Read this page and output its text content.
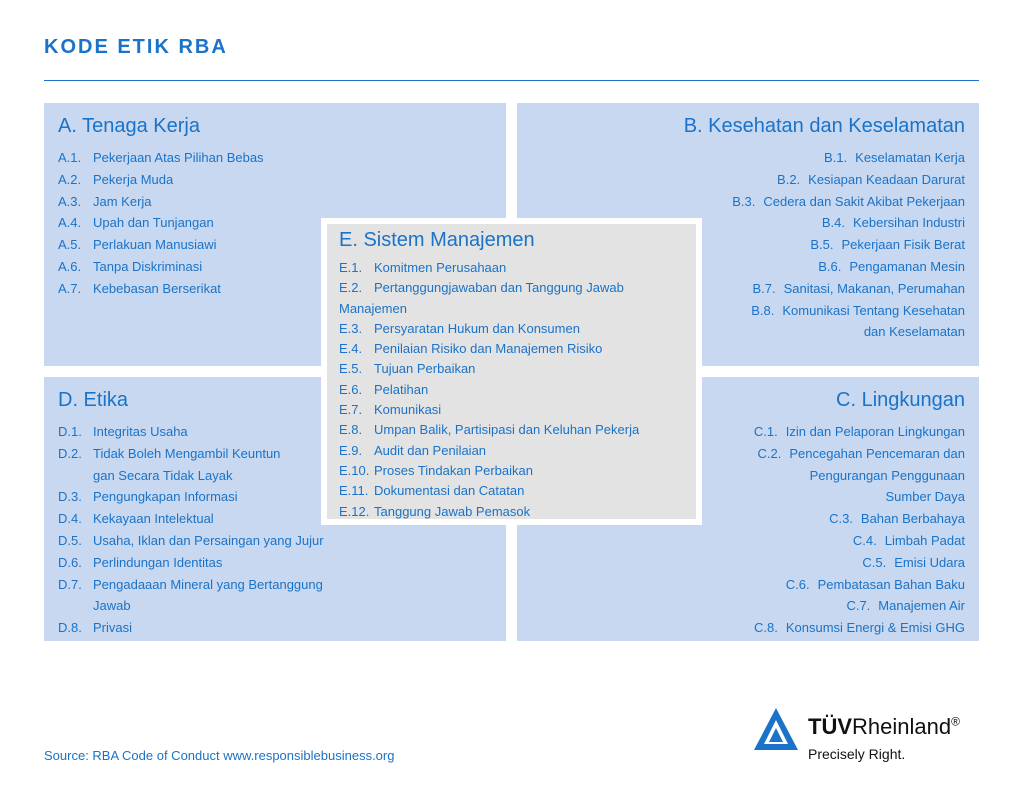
KODE ETIK RBA
A. Tenaga Kerja
A.1. Pekerjaan Atas Pilihan Bebas
A.2. Pekerja Muda
A.3. Jam Kerja
A.4. Upah dan Tunjangan
A.5. Perlakuan Manusiawi
A.6. Tanpa Diskriminasi
A.7. Kebebasan Berserikat
B. Kesehatan dan Keselamatan
B.1. Keselamatan Kerja
B.2. Kesiapan Keadaan Darurat
B.3. Cedera dan Sakit Akibat Pekerjaan
B.4. Kebersihan Industri
B.5. Pekerjaan Fisik Berat
B.6. Pengamanan Mesin
B.7. Sanitasi, Makanan, Perumahan
B.8. Komunikasi Tentang Kesehatan
dan Keselamatan
D. Etika
D.1. Integritas Usaha
D.2. Tidak Boleh Mengambil Keuntun
gan Secara Tidak Layak
D.3. Pengungkapan Informasi
D.4. Kekayaan Intelektual
D.5. Usaha, Iklan dan Persaingan yang Jujur
D.6. Perlindungan Identitas
D.7. Pengadaaan Mineral yang Bertanggung
Jawab
D.8. Privasi
C. Lingkungan
C.1. Izin dan Pelaporan Lingkungan
C.2. Pencegahan Pencemaran dan
Pengurangan Penggunaan
Sumber Daya
C.3. Bahan Berbahaya
C.4. Limbah Padat
C.5. Emisi Udara
C.6. Pembatasan Bahan Baku
C.7. Manajemen Air
C.8. Konsumsi Energi & Emisi GHG
E. Sistem Manajemen
E.1. Komitmen Perusahaan
E.2. Pertanggungjawaban dan Tanggung Jawab
Manajemen
E.3. Persyaratan Hukum dan Konsumen
E.4. Penilaian Risiko dan Manajemen Risiko
E.5. Tujuan Perbaikan
E.6. Pelatihan
E.7. Komunikasi
E.8. Umpan Balik, Partisipasi dan Keluhan Pekerja
E.9. Audit dan Penilaian
E.10. Proses Tindakan Perbaikan
E.11. Dokumentasi dan Catatan
E.12. Tanggung Jawab Pemasok
Source: RBA Code of Conduct www.responsiblebusiness.org
TÜVRheinland®
Precisely Right.
